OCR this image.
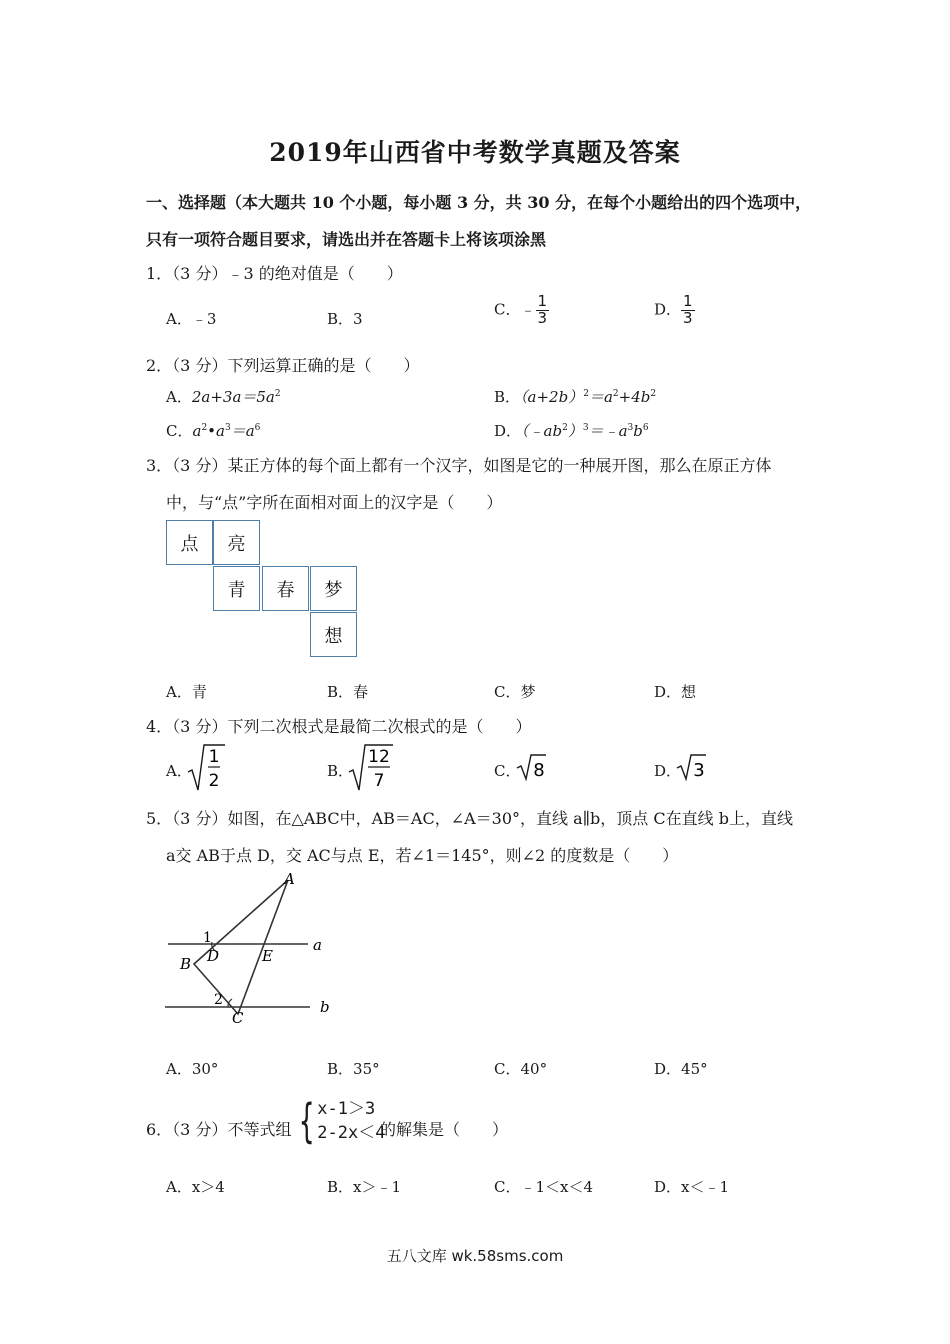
2019年山西省中考数学真题及答案
一、选择题（本大题共 10 个小题，每小题 3 分，共 30 分，在每个小题给出的四个选项中，
只有一项符合题目要求，请选出并在答题卡上将该项涂黑
1．（3 分）﹣3 的绝对值是（　　）
A．﹣3	B．3
C．﹣ $\frac{1}{3}$	D． $\frac{1}{3}$
2．（3 分）下列运算正确的是（　　）
A．$2a+3a=5a^2$	B．$(a+2b)^2=a^2+4b^2$
C．$a^2•a^3=a^6$	D．$(﹣ab^2)^3=﹣a^3b^6$
3．（3 分）某正方体的每个面上都有一个汉字，如图是它的一种展开图，那么在原正方体
中，与“点”字所在面相对面上的汉字是（　　）
点	亮
青	春	梦
想
A．青	B．春	C．梦	D．想
4．（3 分）下列二次根式是最简二次根式的是（　　）
A．
1
2	B．
12
7	C． 8	D． 3
5．（3 分）如图，在△ABC中，AB＝AC，∠A＝30°，直线 a∥b，顶点 C在直线 b上，直线
a交 AB于点 D，交 AC与点 E，若∠1＝145°，则∠2 的度数是（　　）
A
B
C
D	E
1
2
a
b
A．30°	B．35°	C．40°	D．45°
6．（3 分）不等式组 { x-1＞3
2-2x＜4
的解集是（　　）
A．x＞4	B．x＞﹣1	C．﹣1＜x＜4	D．x＜﹣1
五八文库 wk.58sms.com
